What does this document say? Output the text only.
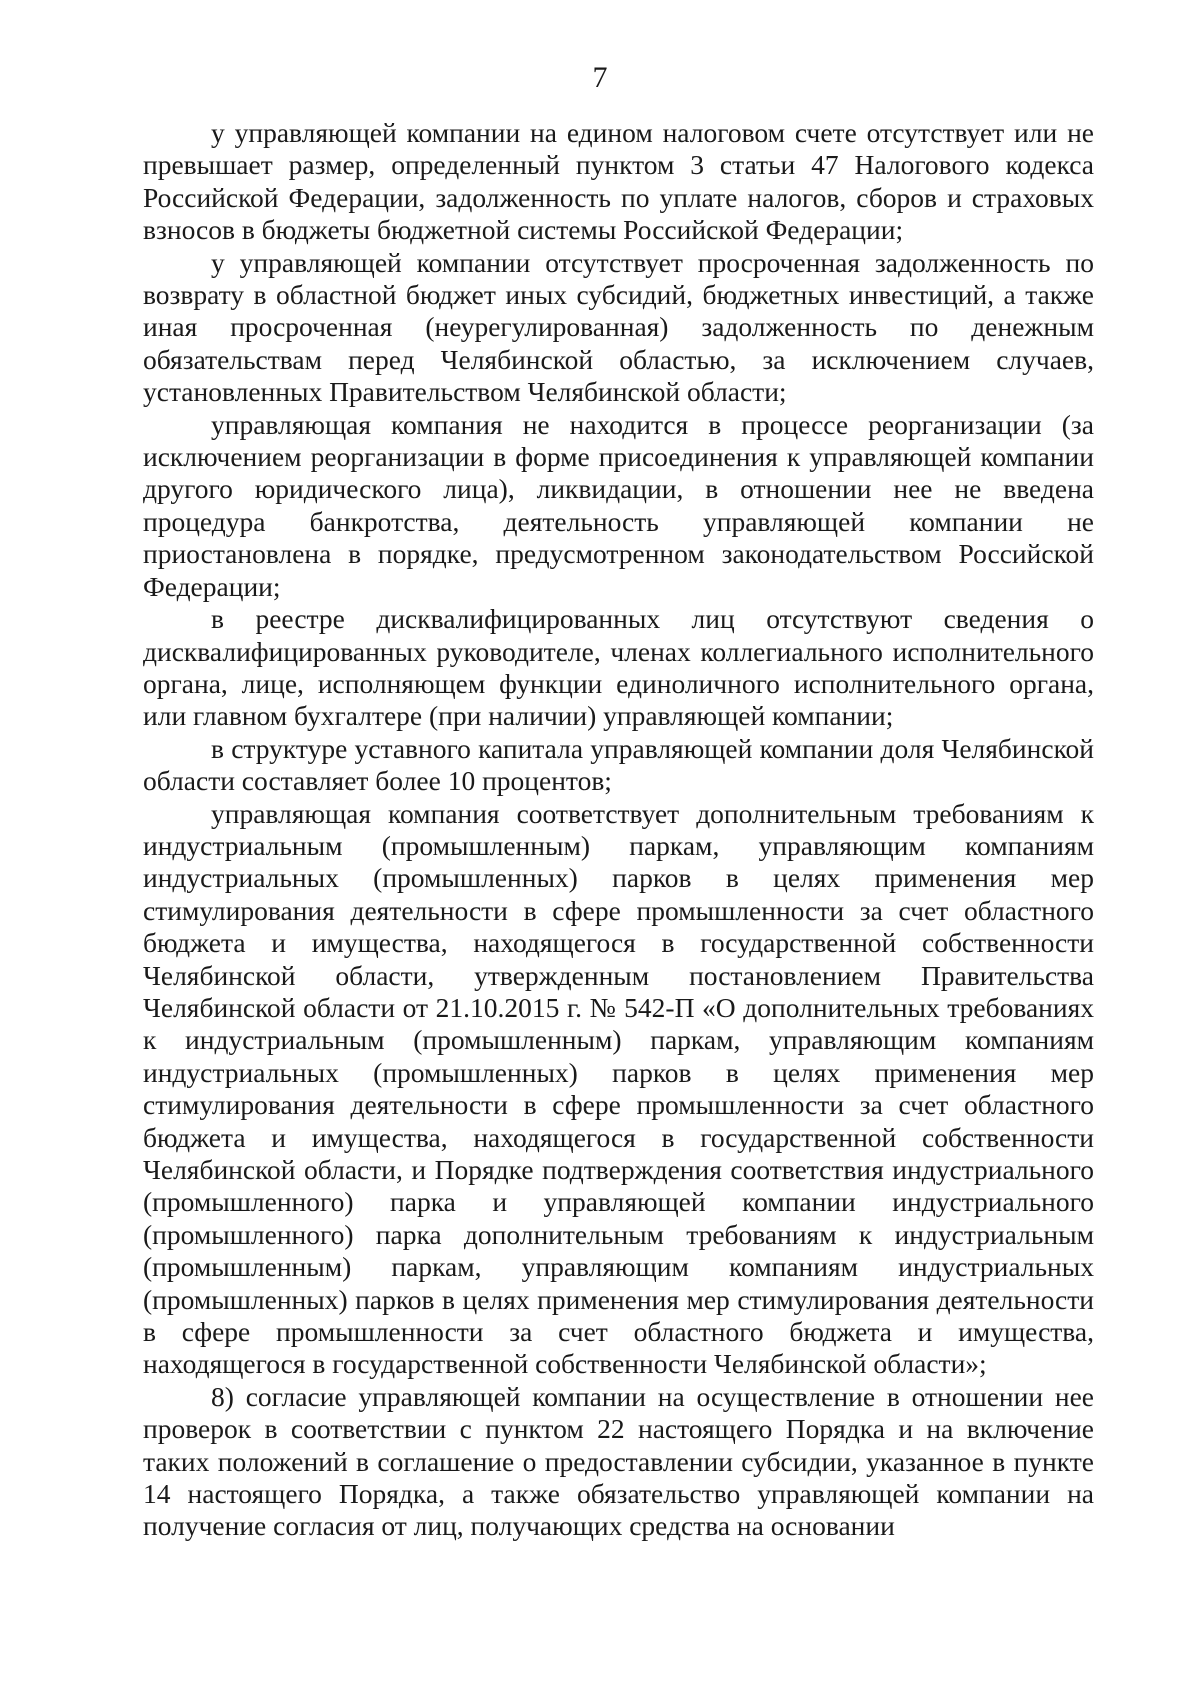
7

у управляющей компании на едином налоговом счете отсутствует или не превышает размер, определенный пунктом 3 статьи 47 Налогового кодекса Российской Федерации, задолженность по уплате налогов, сборов и страховых взносов в бюджеты бюджетной системы Российской Федерации;

у управляющей компании отсутствует просроченная задолженность по возврату в областной бюджет иных субсидий, бюджетных инвестиций, а также иная просроченная (неурегулированная) задолженность по денежным обязательствам перед Челябинской областью, за исключением случаев, установленных Правительством Челябинской области;

управляющая компания не находится в процессе реорганизации (за исключением реорганизации в форме присоединения к управляющей компании другого юридического лица), ликвидации, в отношении нее не введена процедура банкротства, деятельность управляющей компании не приостановлена в порядке, предусмотренном законодательством Российской Федерации;

в реестре дисквалифицированных лиц отсутствуют сведения о дисквалифицированных руководителе, членах коллегиального исполнительного органа, лице, исполняющем функции единоличного исполнительного органа, или главном бухгалтере (при наличии) управляющей компании;

в структуре уставного капитала управляющей компании доля Челябинской области составляет более 10 процентов;

управляющая компания соответствует дополнительным требованиям к индустриальным (промышленным) паркам, управляющим компаниям индустриальных (промышленных) парков в целях применения мер стимулирования деятельности в сфере промышленности за счет областного бюджета и имущества, находящегося в государственной собственности Челябинской области, утвержденным постановлением Правительства Челябинской области от 21.10.2015 г. № 542-П «О дополнительных требованиях к индустриальным (промышленным) паркам, управляющим компаниям индустриальных (промышленных) парков в целях применения мер стимулирования деятельности в сфере промышленности за счет областного бюджета и имущества, находящегося в государственной собственности Челябинской области, и Порядке подтверждения соответствия индустриального (промышленного) парка и управляющей компании индустриального (промышленного) парка дополнительным требованиям к индустриальным (промышленным) паркам, управляющим компаниям индустриальных (промышленных) парков в целях применения мер стимулирования деятельности в сфере промышленности за счет областного бюджета и имущества, находящегося в государственной собственности Челябинской области»;

8) согласие управляющей компании на осуществление в отношении нее проверок в соответствии с пунктом 22 настоящего Порядка и на включение таких положений в соглашение о предоставлении субсидии, указанное в пункте 14 настоящего Порядка, а также обязательство управляющей компании на получение согласия от лиц, получающих средства на основании
